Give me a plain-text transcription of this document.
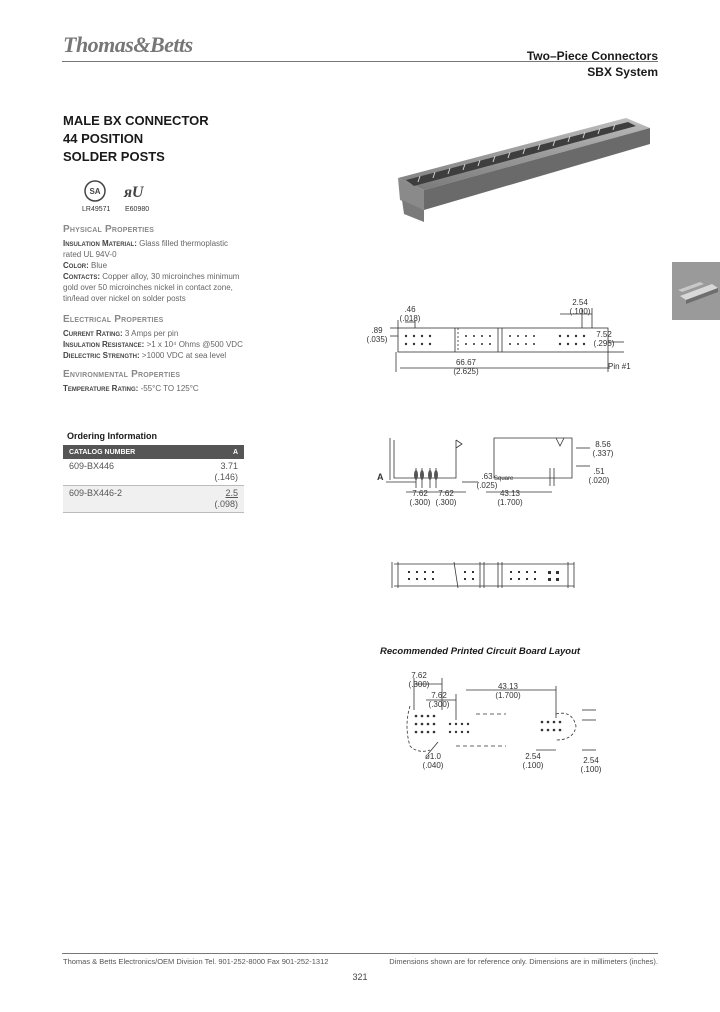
Thomas&Betts	Two–Piece Connectors
SBX System
MALE BX CONNECTOR
44 POSITION
SOLDER POSTS
SA ᴙU
LR49571 E60980
Physical Properties
Insulation Material: Glass filled thermoplastic
rated UL 94V-0
Color: Blue
Contacts: Copper alloy, 30 microinches minimum
gold over 50 microinches nickel in contact zone,
tin/lead over nickel on solder posts
Electrical Properties
Current Rating: 3 Amps per pin
Insulation Resistance: >1 x 10⁴ Ohms @500 VDC
Dielectric Strength: >1000 VDC at sea level
Environmental Properties
Temperature Rating: -55°C TO 125°C
.46
(.018)
2.54
(.100)
.89
(.035)
7.52
(.295)
66.67
(2.625)
Pin #1
Ordering Information
CATALOG NUMBER	A
609-BX446	3.71
(.146)

609-BX446-2	2.5
(.098)
A
8.56
(.337)
.51
(.020)
.63
(.025)
Square
7.62
(.300)
7.62
(.300)
43.13
(1.700)
Recommended Printed Circuit Board Layout
7.62
(.300)
7.62
(.300)
43.13
(1.700)
ø1.0
(.040)
2.54
(.100)
2.54
(.100)
Thomas & Betts Electronics/OEM Division Tel. 901-252-8000 Fax 901-252-1312	Dimensions shown are for reference only. Dimensions are in millimeters (inches).
321
